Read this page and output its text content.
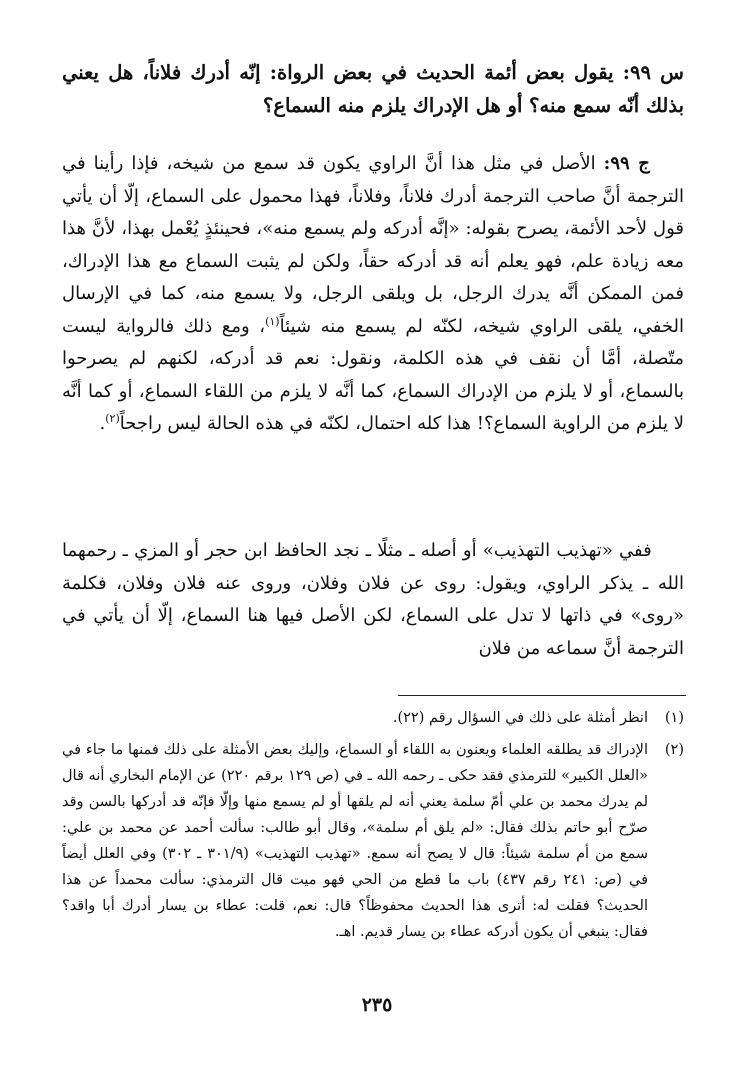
س ٩٩: يقول بعض أئمة الحديث في بعض الرواة: إنّه أدرك فلاناً، هل يعني بذلك أنّه سمع منه؟ أو هل الإدراك يلزم منه السماع؟

ج ٩٩: الأصل في مثل هذا أنَّ الراوي يكون قد سمع من شيخه، فإذا رأينا في الترجمة أنَّ صاحب الترجمة أدرك فلاناً، وفلاناً، فهذا محمول على السماع، إلّا أن يأتي قول لأحد الأئمة، يصرح بقوله: «إنَّه أدركه ولم يسمع منه»، فحينئذٍ يُعْمل بهذا، لأنَّ هذا معه زيادة علم، فهو يعلم أنه قد أدركه حقاً، ولكن لم يثبت السماع مع هذا الإدراك، فمن الممكن أنَّه يدرك الرجل، بل ويلقى الرجل، ولا يسمع منه، كما في الإرسال الخفي، يلقى الراوي شيخه، لكنّه لم يسمع منه شيئاً$^{(١)}$، ومع ذلك فالرواية ليست متّصلة، أمَّا أن نقف في هذه الكلمة، ونقول: نعم قد أدركه، لكنهم لم يصرحوا بالسماع، أو لا يلزم من الإدراك السماع، كما أنَّه لا يلزم من اللقاء السماع، أو كما أنَّه لا يلزم من الراوية السماع؟! هذا كله احتمال، لكنّه في هذه الحالة ليس راجحاً$^{(٢)}$.

ففي «تهذيب التهذيب» أو أصله ـ مثلًا ـ نجد الحافظ ابن حجر أو المزي ـ رحمهما الله ـ يذكر الراوي، ويقول: روى عن فلان وفلان، وروى عنه فلان وفلان، فكلمة «روى» في ذاتها لا تدل على السماع، لكن الأصل فيها هنا السماع، إلّا أن يأتي في الترجمة أنَّ سماعه من فلان

(١)
انظر أمثلة على ذلك في السؤال رقم (٢٢).
(٢)
الإدراك قد يطلقه العلماء ويعنون به اللقاء أو السماع، وإليك بعض الأمثلة على ذلك فمنها ما جاء في «العلل الكبير» للترمذي فقد حكى ـ رحمه الله ـ في (ص ١٢٩ برقم ٢٢٠) عن الإمام البخاري أنه قال لم يدرك محمد بن علي أمّ سلمة يعني أنه لم يلقها أو لم يسمع منها وإلّا فإنّه قد أدركها بالسن وقد صرّح أبو حاتم بذلك فقال: «لم يلق أم سلمة»، وقال أبو طالب: سألت أحمد عن محمد بن علي: سمع من أم سلمة شيئاً: قال لا يصح أنه سمع. «تهذيب التهذيب» (٣٠١/٩ ـ ٣٠٢) وفي العلل أيضاً في (ص: ٢٤١ رقم ٤٣٧) باب ما قطع من الحي فهو ميت قال الترمذي: سألت محمداً عن هذا الحديث؟ فقلت له: أترى هذا الحديث محفوظاً؟ قال: نعم، قلت: عطاء بن يسار أدرك أبا واقد؟ فقال: ينبغي أن يكون أدركه عطاء بن يسار قديم. اهـ.
٢٣٥
